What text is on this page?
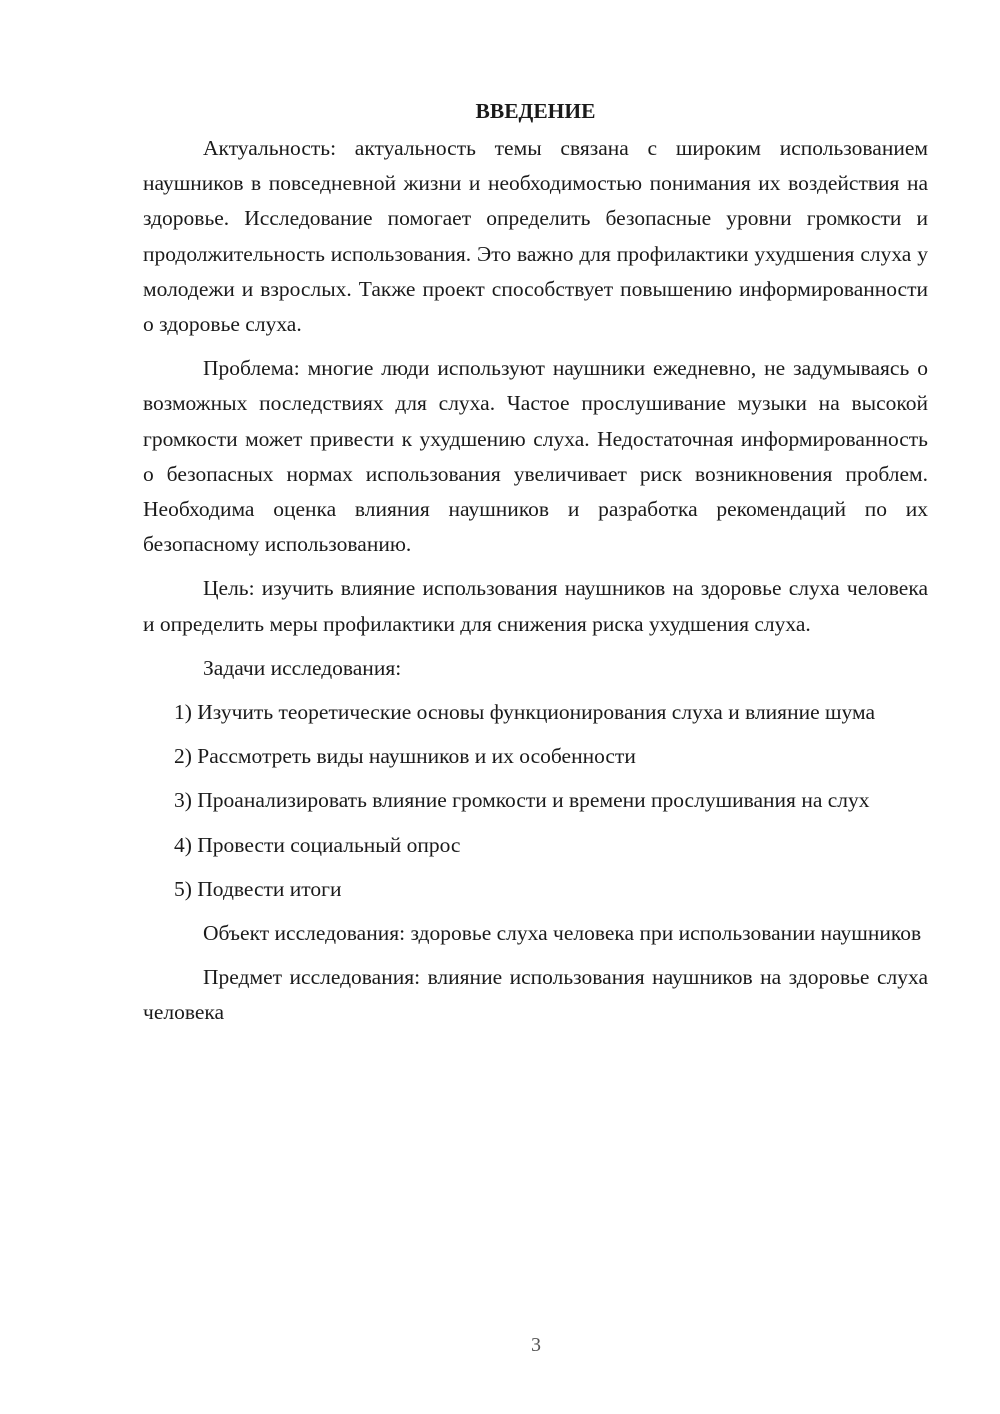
ВВЕДЕНИЕ

Актуальность: актуальность темы связана с широким использованием наушников в повседневной жизни и необходимостью понимания их воздействия на здоровье. Исследование помогает определить безопасные уровни громкости и продолжительность использования. Это важно для профилактики ухудшения слуха у молодежи и взрослых. Также проект способствует повышению информированности о здоровье слуха.

Проблема: многие люди используют наушники ежедневно, не задумываясь о возможных последствиях для слуха. Частое прослушивание музыки на высокой громкости может привести к ухудшению слуха. Недостаточная информированность о безопасных нормах использования увеличивает риск возникновения проблем. Необходима оценка влияния наушников и разработка рекомендаций по их безопасному использованию.

Цель: изучить влияние использования наушников на здоровье слуха человека и определить меры профилактики для снижения риска ухудшения слуха.

Задачи исследования:

1) Изучить теоретические основы функционирования слуха и влияние шума

2) Рассмотреть виды наушников и их особенности

3) Проанализировать влияние громкости и времени прослушивания на слух

4) Провести социальный опрос

5) Подвести итоги

Объект исследования: здоровье слуха человека при использовании наушников

Предмет исследования: влияние использования наушников на здоровье слуха человека

3
